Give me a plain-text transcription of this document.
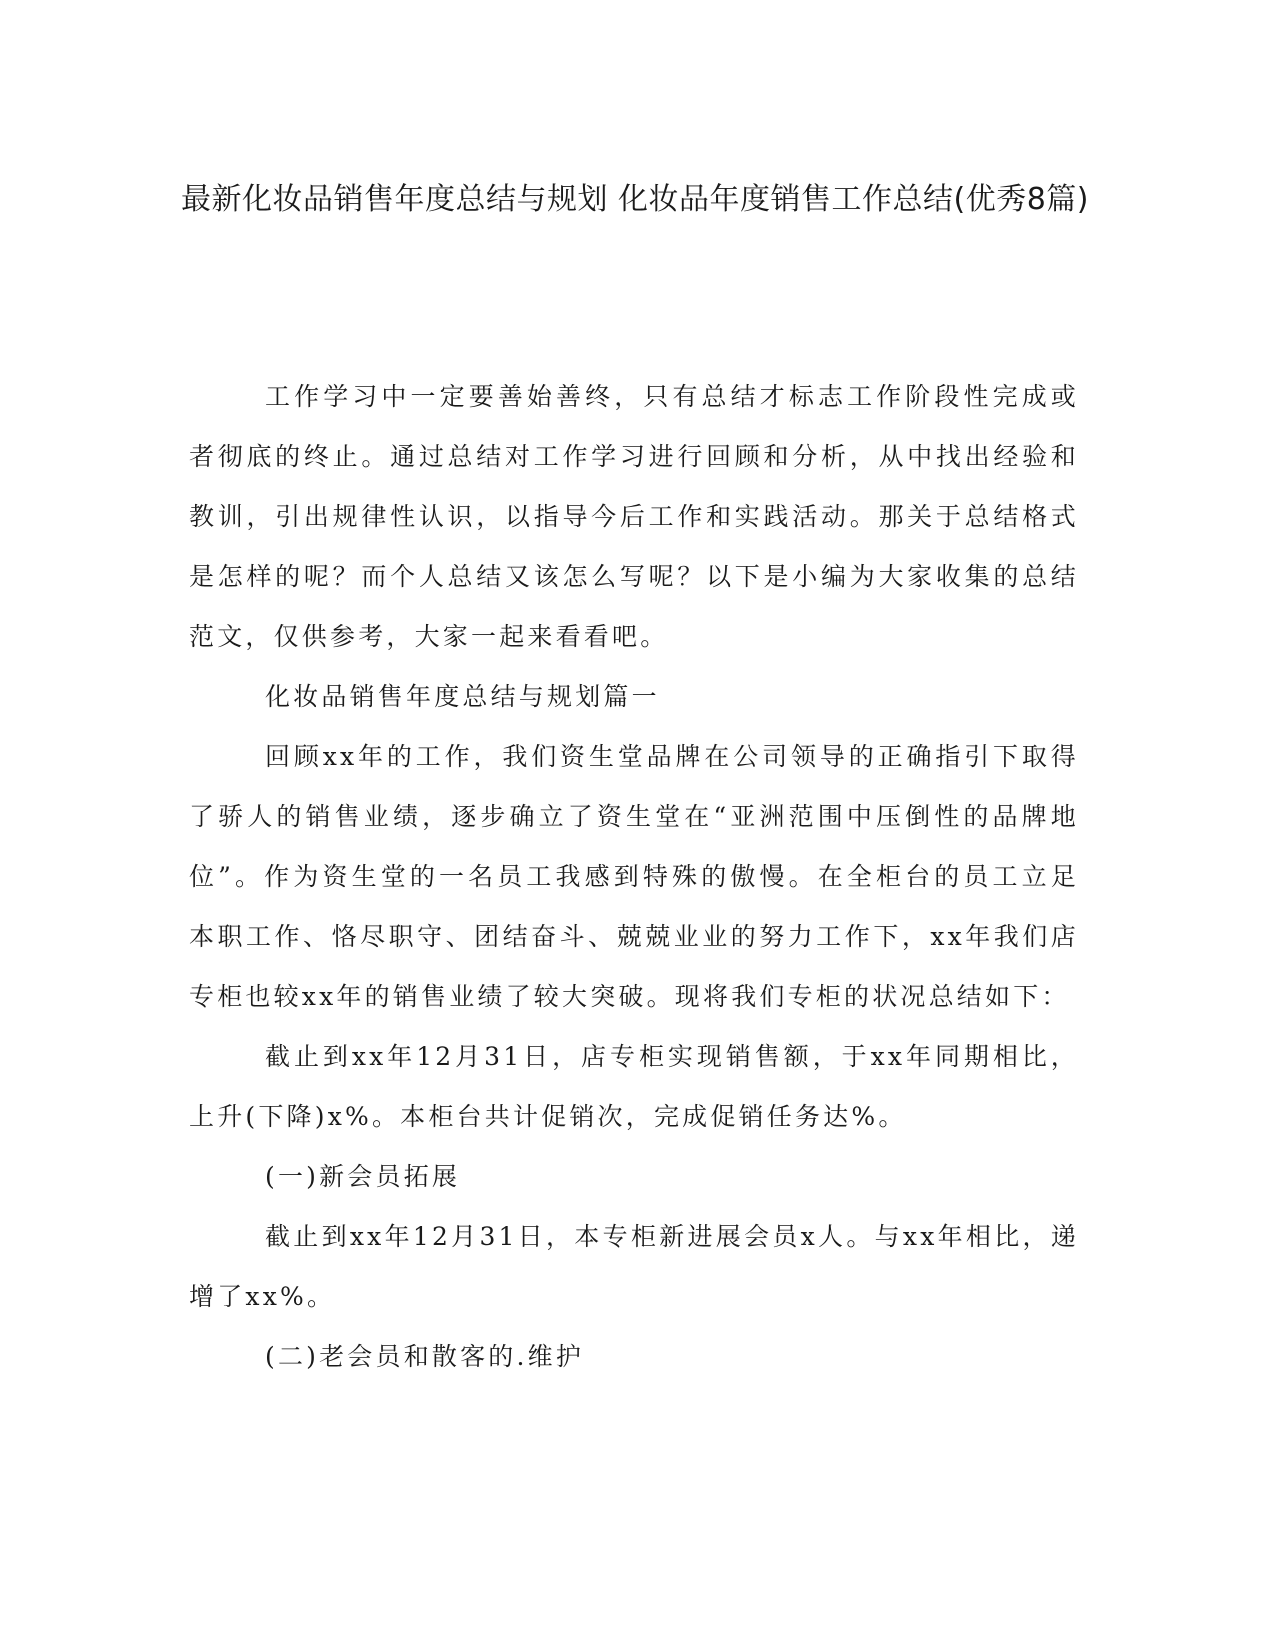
最新化妆品销售年度总结与规划 化妆品年度销售工作总结(优秀8篇)

工作学习中一定要善始善终，只有总结才标志工作阶段性完成或者彻底的终止。通过总结对工作学习进行回顾和分析，从中找出经验和教训，引出规律性认识，以指导今后工作和实践活动。那关于总结格式是怎样的呢？而个人总结又该怎么写呢？以下是小编为大家收集的总结范文，仅供参考，大家一起来看看吧。

化妆品销售年度总结与规划篇一

回顾xx年的工作，我们资生堂品牌在公司领导的正确指引下取得了骄人的销售业绩，逐步确立了资生堂在“亚洲范围中压倒性的品牌地位”。作为资生堂的一名员工我感到特殊的傲慢。在全柜台的员工立足本职工作、恪尽职守、团结奋斗、兢兢业业的努力工作下，xx年我们店专柜也较xx年的销售业绩了较大突破。现将我们专柜的状况总结如下：

截止到xx年12月31日，店专柜实现销售额，于xx年同期相比，上升(下降)x%。本柜台共计促销次，完成促销任务达%。

(一)新会员拓展

截止到xx年12月31日，本专柜新进展会员x人。与xx年相比，递增了xx%。

(二)老会员和散客的.维护
